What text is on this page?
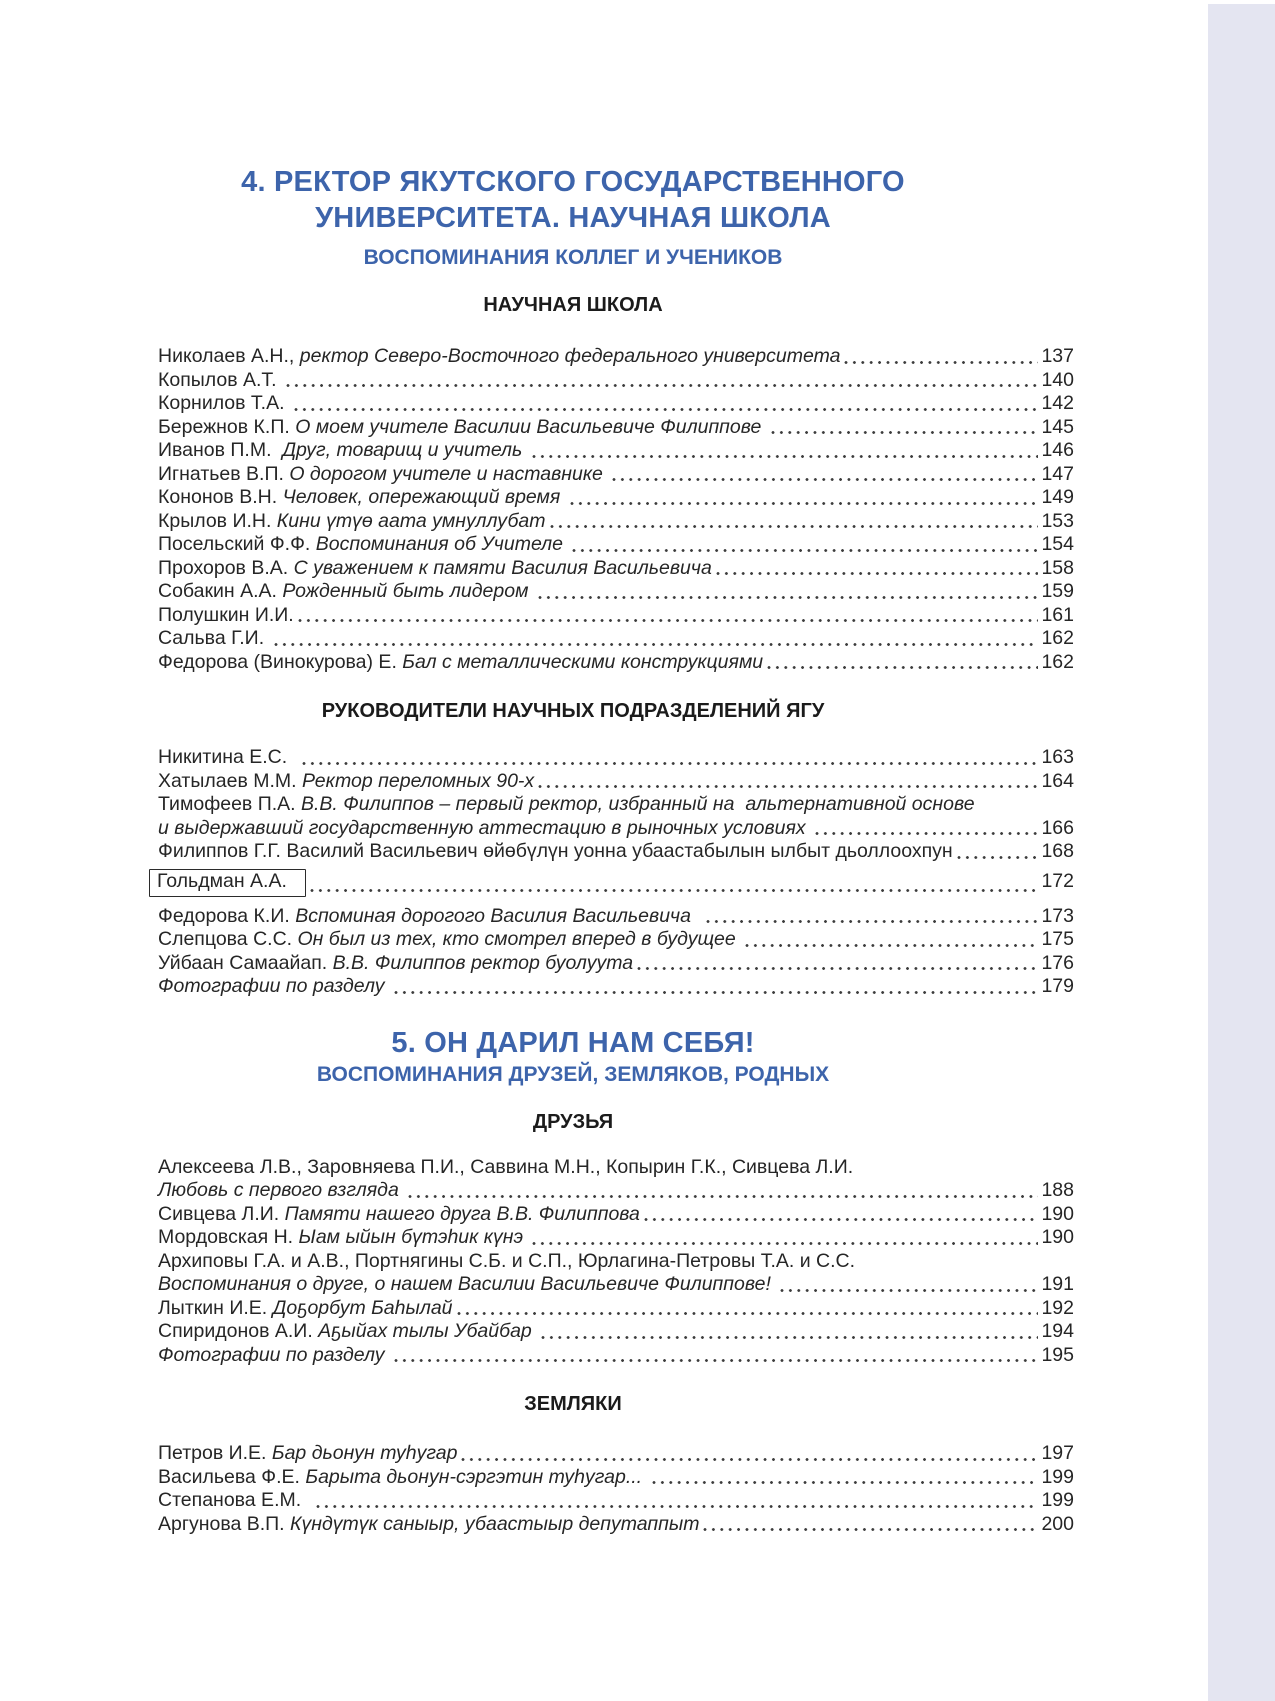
4. РЕКТОР ЯКУТСКОГО ГОСУДАРСТВЕННОГО
УНИВЕРСИТЕТА. НАУЧНАЯ ШКОЛА
ВОСПОМИНАНИЯ КОЛЛЕГ И УЧЕНИКОВ
НАУЧНАЯ ШКОЛА
Николаев А.Н., ректор Северо-Восточного федерального университета	137
Копылов А.Т.	140
Корнилов Т.А.	142
Бережнов К.П. О моем учителе Василии Васильевиче Филиппове	145
Иванов П.М.  Друг, товарищ и учитель	146
Игнатьев В.П. О дорогом учителе и наставнике	147
Кононов В.Н. Человек, опережающий время	149
Крылов И.Н. Кини үтүө аата умнуллубат	153
Посельский Ф.Ф. Воспоминания об Учителе	154
Прохоров В.А. С уважением к памяти Василия Васильевича	158
Собакин А.А. Рожденный быть лидером	159
Полушкин И.И.	161
Сальва Г.И.	162
Федорова (Винокурова) Е. Бал с металлическими конструкциями	162
РУКОВОДИТЕЛИ НАУЧНЫХ ПОДРАЗДЕЛЕНИЙ ЯГУ
Никитина Е.С.	163
Хатылаев М.М. Ректор переломных 90-х	164
Тимофеев П.А. В.В. Филиппов – первый ректор, избранный на  альтернативной основе
и выдержавший государственную аттестацию в рыночных условиях	166
Филиппов Г.Г. Василий Васильевич өйөбүлүн уонна убаастабылын ылбыт дьоллоохпун	168
Гольдман А.А.	172
Федорова К.И. Вспоминая дорогого Василия Васильевича	173
Слепцова С.С. Он был из тех, кто смотрел вперед в будущее	175
Уйбаан Самаайап. В.В. Филиппов ректор буолуута	176
Фотографии по разделу	179
5. ОН ДАРИЛ НАМ СЕБЯ!
ВОСПОМИНАНИЯ ДРУЗЕЙ, ЗЕМЛЯКОВ, РОДНЫХ
ДРУЗЬЯ
Алексеева Л.В., Заровняева П.И., Саввина М.Н., Копырин Г.К., Сивцева Л.И.
Любовь с первого взгляда	188
Сивцева Л.И. Памяти нашего друга В.В. Филиппова	190
Мордовская Н. Ыам ыйын бүтэһик күнэ	190
Архиповы Г.А. и А.В., Портнягины С.Б. и С.П., Юрлагина-Петровы Т.А. и С.С.
Воспоминания о друге, о нашем Василии Васильевиче Филиппове!	191
Лыткин И.Е. Доҕорбут Баһылай	192
Спиридонов А.И. Аҕыйах тылы Убайбар	194
Фотографии по разделу	195
ЗЕМЛЯКИ
Петров И.Е. Бар дьонун туһугар	197
Васильева Ф.Е. Барыта дьонун-сэргэтин туһугар...	199
Степанова Е.М.	199
Аргунова В.П. Күндүтүк саныыр, убаастыыр депутаппыт	200
